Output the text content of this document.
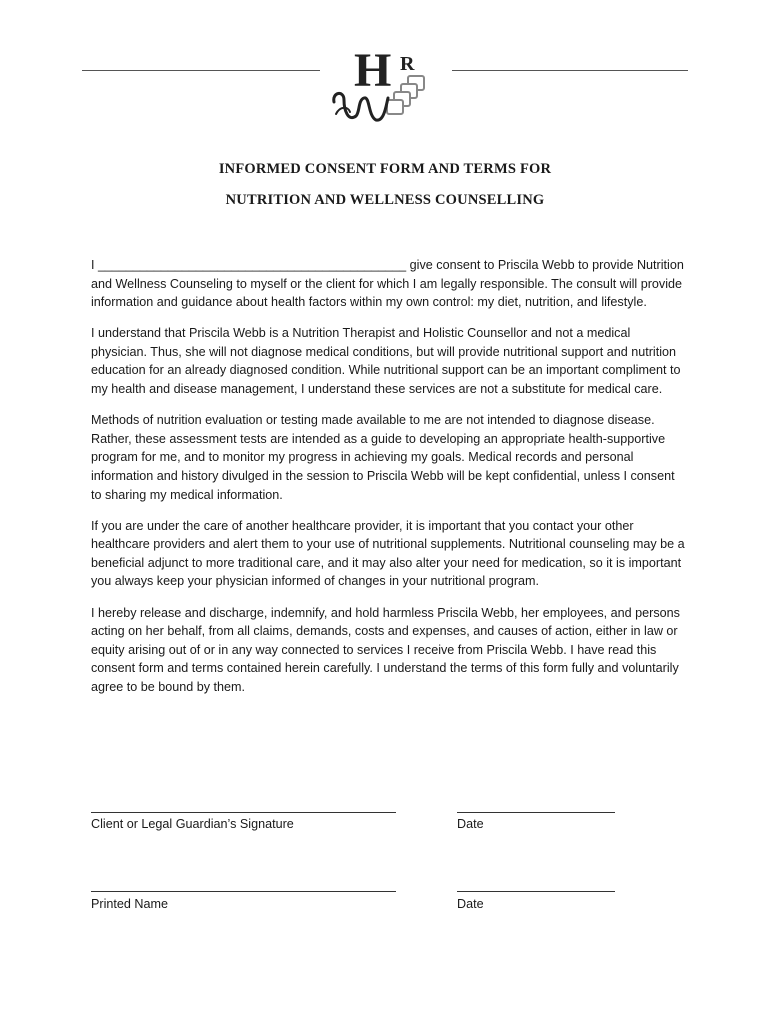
H R
INFORMED CONSENT FORM AND TERMS FOR
NUTRITION AND WELLNESS COUNSELLING

I ____________________________________________ give consent to Priscila Webb to provide Nutrition and Wellness Counseling to myself or the client for which I am legally responsible. The consult will provide information and guidance about health factors within my own control: my diet, nutrition, and lifestyle.

I understand that Priscila Webb is a Nutrition Therapist and Holistic Counsellor and not a medical physician. Thus, she will not diagnose medical conditions, but will provide nutritional support and nutrition education for an already diagnosed condition. While nutritional support can be an important compliment to my health and disease management, I understand these services are not a substitute for medical care.

Methods of nutrition evaluation or testing made available to me are not intended to diagnose disease. Rather, these assessment tests are intended as a guide to developing an appropriate health-supportive program for me, and to monitor my progress in achieving my goals. Medical records and personal information and history divulged in the session to Priscila Webb will be kept confidential, unless I consent to sharing my medical information.

If you are under the care of another healthcare provider, it is important that you contact your other healthcare providers and alert them to your use of nutritional supplements. Nutritional counseling may be a beneficial adjunct to more traditional care, and it may also alter your need for medication, so it is important you always keep your physician informed of changes in your nutritional program.

I hereby release and discharge, indemnify, and hold harmless Priscila Webb, her employees, and persons acting on her behalf, from all claims, demands, costs and expenses, and causes of action, either in law or equity arising out of or in any way connected to services I receive from Priscila Webb. I have read this consent form and terms contained herein carefully. I understand the terms of this form fully and voluntarily agree to be bound by them.

Client or Legal Guardian’s Signature	Date
Printed Name	Date
